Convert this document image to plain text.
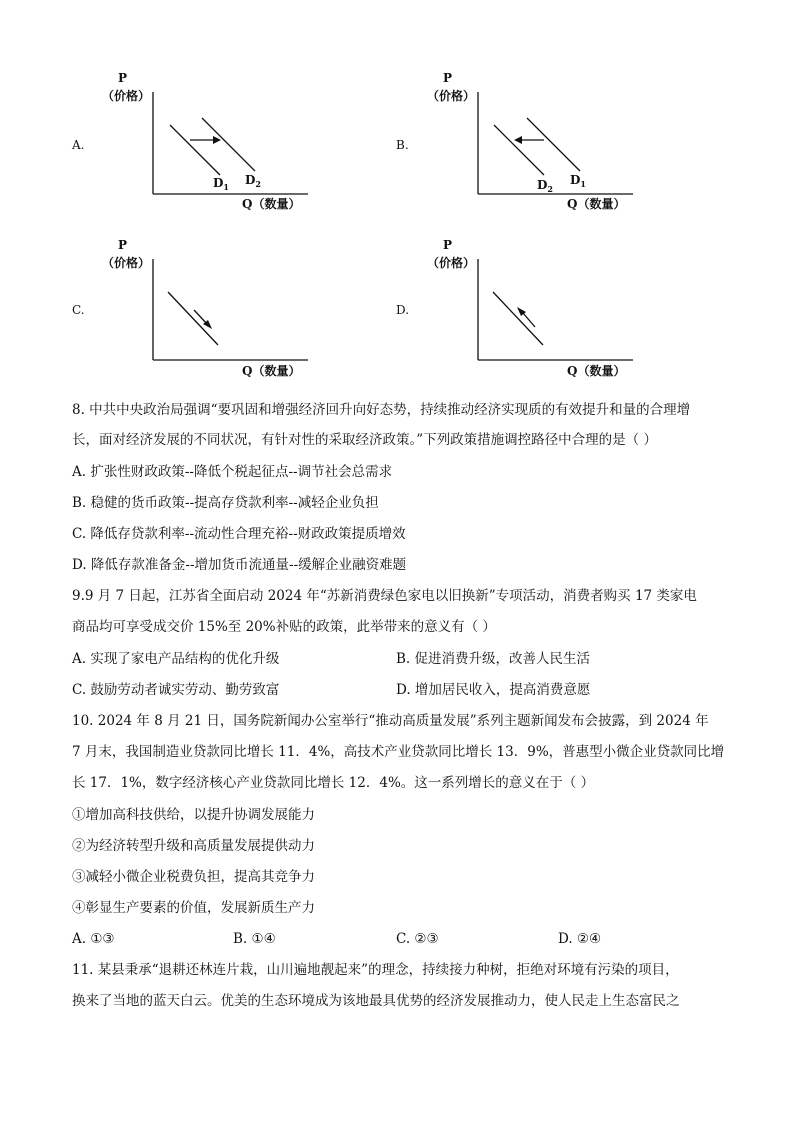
A.
P
（价格）
$D_1$ $D_2$
Q（数量）
B.
P
（价格）
$D_2$
$D_1$
Q（数量）
C.
P
（价格）
Q（数量）
D.
P
（价格）
Q（数量）
8. 中共中央政治局强调“要巩固和增强经济回升向好态势，持续推动经济实现质的有效提升和量的合理增
长，面对经济发展的不同状况，有针对性的采取经济政策。”下列政策措施调控路径中合理的是（ ）
A. 扩张性财政政策--降低个税起征点--调节社会总需求
B. 稳健的货币政策--提高存贷款利率--减轻企业负担
C. 降低存贷款利率--流动性合理充裕--财政政策提质增效
D. 降低存款准备金--增加货币流通量--缓解企业融资难题
9.9 月 7 日起，江苏省全面启动 2024 年“苏新消费绿色家电以旧换新”专项活动，消费者购买 17 类家电
商品均可享受成交价 15%至 20%补贴的政策，此举带来的意义有（ ）
A. 实现了家电产品结构的优化升级	B. 促进消费升级，改善人民生活
C. 鼓励劳动者诚实劳动、勤劳致富	D. 增加居民收入，提高消费意愿
10. 2024 年 8 月 21 日，国务院新闻办公室举行“推动高质量发展”系列主题新闻发布会披露，到 2024 年
7 月末，我国制造业贷款同比增长 11．4%，高技术产业贷款同比增长 13．9%，普惠型小微企业贷款同比增
长 17．1%，数字经济核心产业贷款同比增长 12．4%。这一系列增长的意义在于（ ）
①增加高科技供给，以提升协调发展能力
②为经济转型升级和高质量发展提供动力
③减轻小微企业税费负担，提高其竞争力
④彰显生产要素的价值，发展新质生产力
A. ①③	B. ①④	C. ②③	D. ②④
11. 某县秉承“退耕还林连片栽，山川遍地靓起来”的理念，持续接力种树，拒绝对环境有污染的项目，
换来了当地的蓝天白云。优美的生态环境成为该地最具优势的经济发展推动力，使人民走上生态富民之
